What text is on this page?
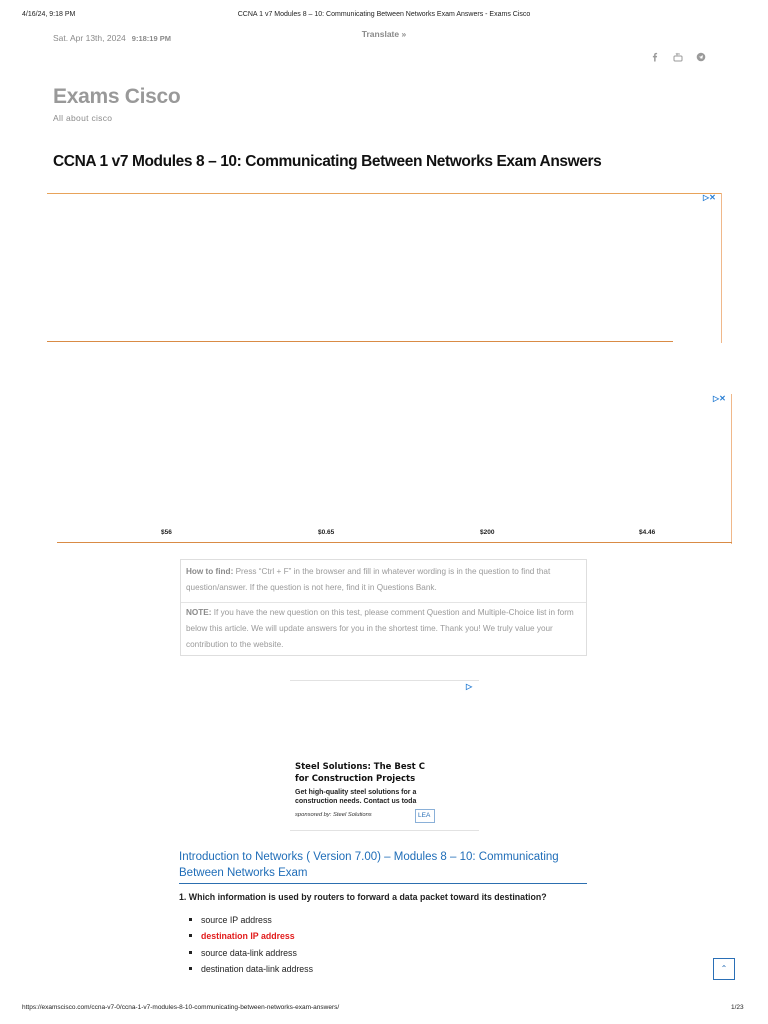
4/16/24, 9:18 PM	CCNA 1 v7 Modules 8 – 10: Communicating Between Networks Exam Answers - Exams Cisco
Sat. Apr 13th, 2024 9:18:19 PM	Translate »
Exams Cisco
All about cisco
CCNA 1 v7 Modules 8 – 10: Communicating Between Networks Exam Answers
▷✕
▷✕
$56	$0.65	$200	$4.46
How to find: Press “Ctrl + F” in the browser and fill in whatever wording is in the question to find that question/answer. If the question is not here, find it in Questions Bank.
NOTE: If you have the new question on this test, please comment Question and Multiple-Choice list in form below this article. We will update answers for you in the shortest time. Thank you! We truly value your contribution to the website.
▷
Steel Solutions: The Best C
for Construction Projects
Get high-quality steel solutions for a
construction needs. Contact us toda
sponsored by: Steel Solutions	LEA
Introduction to Networks ( Version 7.00) – Modules 8 – 10: Communicating Between Networks Exam
1. Which information is used by routers to forward a data packet toward its destination?
source IP address
destination IP address
source data-link address
destination data-link address	⌃
https://examscisco.com/ccna-v7-0/ccna-1-v7-modules-8-10-communicating-between-networks-exam-answers/	1/23
